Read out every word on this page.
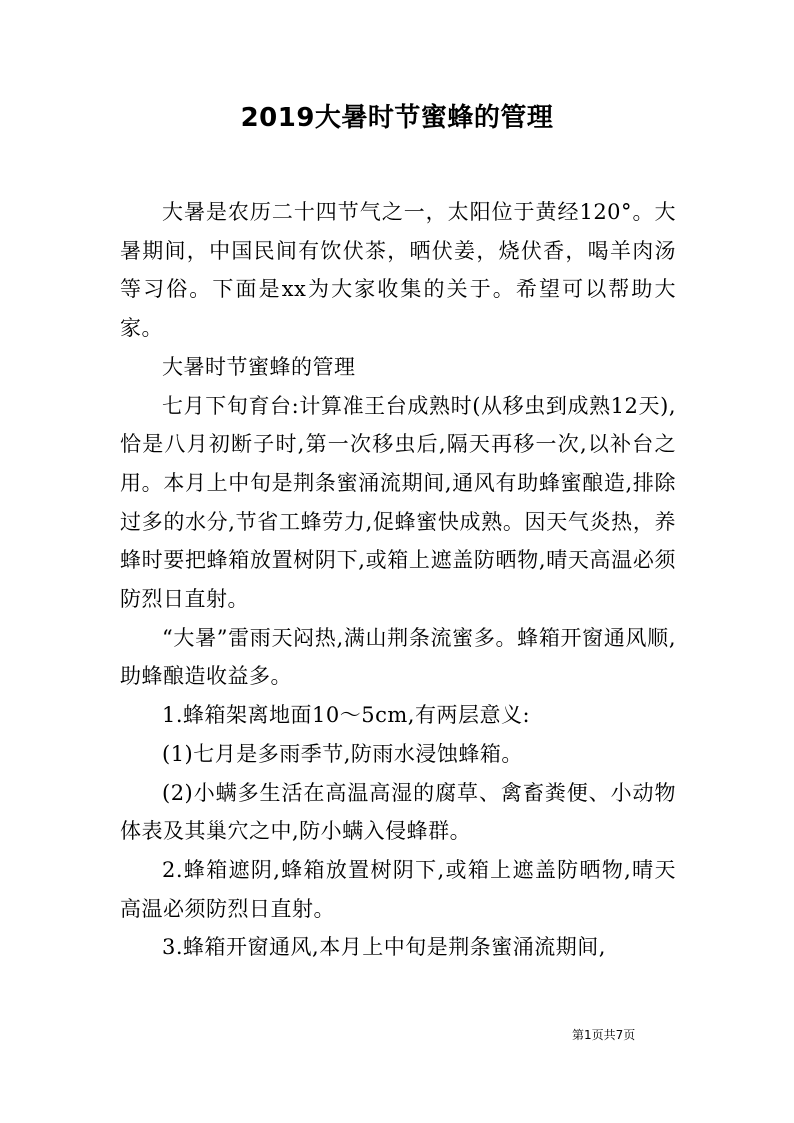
2019大暑时节蜜蜂的管理

大暑是农历二十四节气之一，太阳位于黄经120°。大暑期间，中国民间有饮伏茶，晒伏姜，烧伏香，喝羊肉汤等习俗。下面是xx为大家收集的关于。希望可以帮助大家。

大暑时节蜜蜂的管理

七月下旬育台:计算准王台成熟时(从移虫到成熟12天),恰是八月初断子时,第一次移虫后,隔天再移一次,以补台之用。本月上中旬是荆条蜜涌流期间,通风有助蜂蜜酿造,排除过多的水分,节省工蜂劳力,促蜂蜜快成熟。因天气炎热，养蜂时要把蜂箱放置树阴下,或箱上遮盖防晒物,晴天高温必须防烈日直射。

“大暑”雷雨天闷热,满山荆条流蜜多。蜂箱开窗通风顺,助蜂酿造收益多。

1.蜂箱架离地面10～5cm,有两层意义:

(1)七月是多雨季节,防雨水浸蚀蜂箱。

(2)小螨多生活在高温高湿的腐草、禽畜粪便、小动物体表及其巢穴之中,防小螨入侵蜂群。

2.蜂箱遮阴,蜂箱放置树阴下,或箱上遮盖防晒物,晴天高温必须防烈日直射。

3.蜂箱开窗通风,本月上中旬是荆条蜜涌流期间,

第1页共7页
